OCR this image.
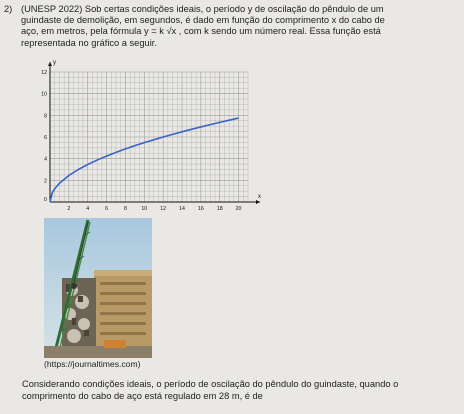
2) (UNESP 2022) Sob certas condições ideais, o período y de oscilação do pêndulo de um
guindaste de demolição, em segundos, é dado em função do comprimento x do cabo de
aço, em metros, pela fórmula y = k √x , com k sendo um número real. Essa função está
representada no gráfico a seguir.
x
y
0
2	4	6	8	10	12	14	16	18	20
2
4
6
8
10
12
(https://journaltimes.com)
Considerando condições ideais, o período de oscilação do pêndulo do guindaste, quando o
comprimento do cabo de aço está regulado em 28 m, é de
